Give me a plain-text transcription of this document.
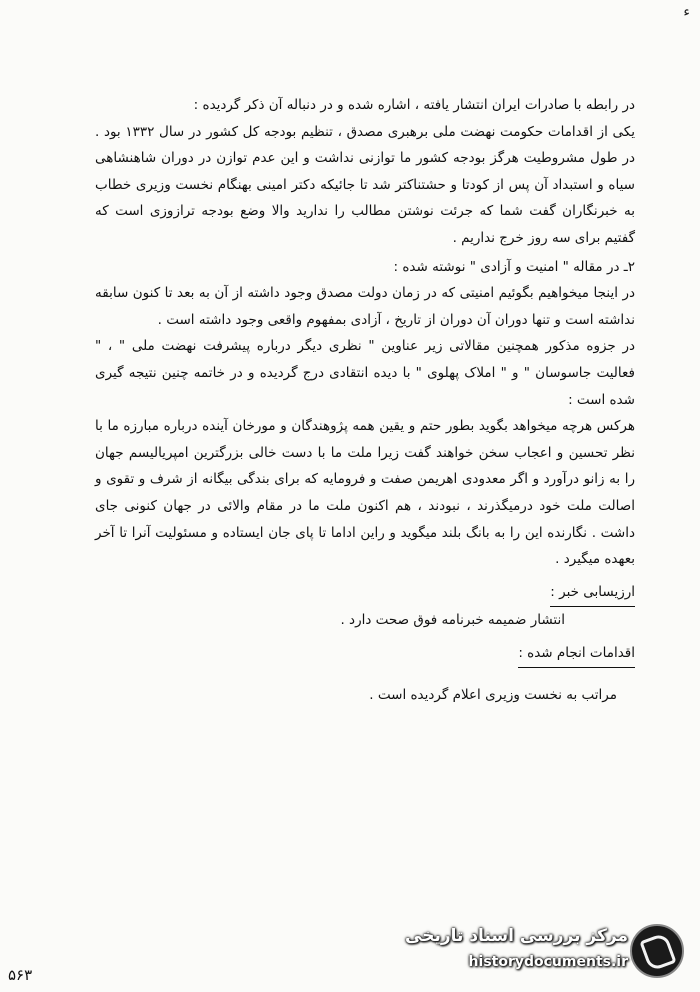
ء

در رابطه با صادرات ایران انتشار یافته ، اشاره شده و در دنباله آن ذکر گردیده :

یکی از اقدامات حکومت نهضت ملی برهبری مصدق ، تنظیم بودجه کل کشور در سال ۱۳۳۲ بود . در طول مشروطیت هرگز بودجه کشور ما توازنی نداشت و این عدم توازن در دوران شاهنشاهی سیاه و استبداد آن پس از کودتا و حشتناکتر شد تا جائیکه دکتر امینی بهنگام نخست وزیری خطاب به خبرنگاران گفت شما که جرئت نوشتن مطالب را ندارید والا وضع بودجه ترازوزی است که گفتیم برای سه روز خرج نداریم .

۲ـ در مقاله " امنیت و آزادی " نوشته شده :

در اینجا میخواهیم بگوئیم امنیتی که در زمان دولت مصدق وجود داشته از آن به بعد تا کنون سابقه نداشته است و تنها دوران آن دوران از تاریخ ، آزادی بمفهوم واقعی وجود داشته است .

در جزوه مذکور همچنین مقالاتی زیر عناوین " نظری دیگر درباره پیشرفت نهضت ملی " ، " فعالیت جاسوسان " و " املاک پهلوی " با دیده انتقادی درج گردیده و در خاتمه چنین نتیجه گیری شده است :

هرکس هرچه میخواهد بگوید بطور حتم و یقین همه پژوهندگان و مورخان آینده درباره مبارزه ما با نظر تحسین و اعجاب سخن خواهند گفت زیرا ملت ما با دست خالی بزرگترین امپریالیسم جهان را به زانو درآورد و اگر معدودی اهریمن صفت و فرومایه که برای بندگی بیگانه از شرف و تقوی و اصالت ملت خود درمیگذرند ، نبودند ، هم اکنون ملت ما در مقام والائی در جهان کنونی جای داشت . نگارنده این را به بانگ بلند میگوید و راین اداما تا پای جان ایستاده و مسئولیت آنرا تا آخر بعهده میگیرد .

ارزیسابی خبر :

انتشار ضمیمه خبرنامه فوق صحت دارد .

اقدامات انجام شده :

مراتب به نخست وزیری اعلام گردیده است .

مرکز بررسی اسناد تاریخی
historydocuments.ir
۵۶۳
